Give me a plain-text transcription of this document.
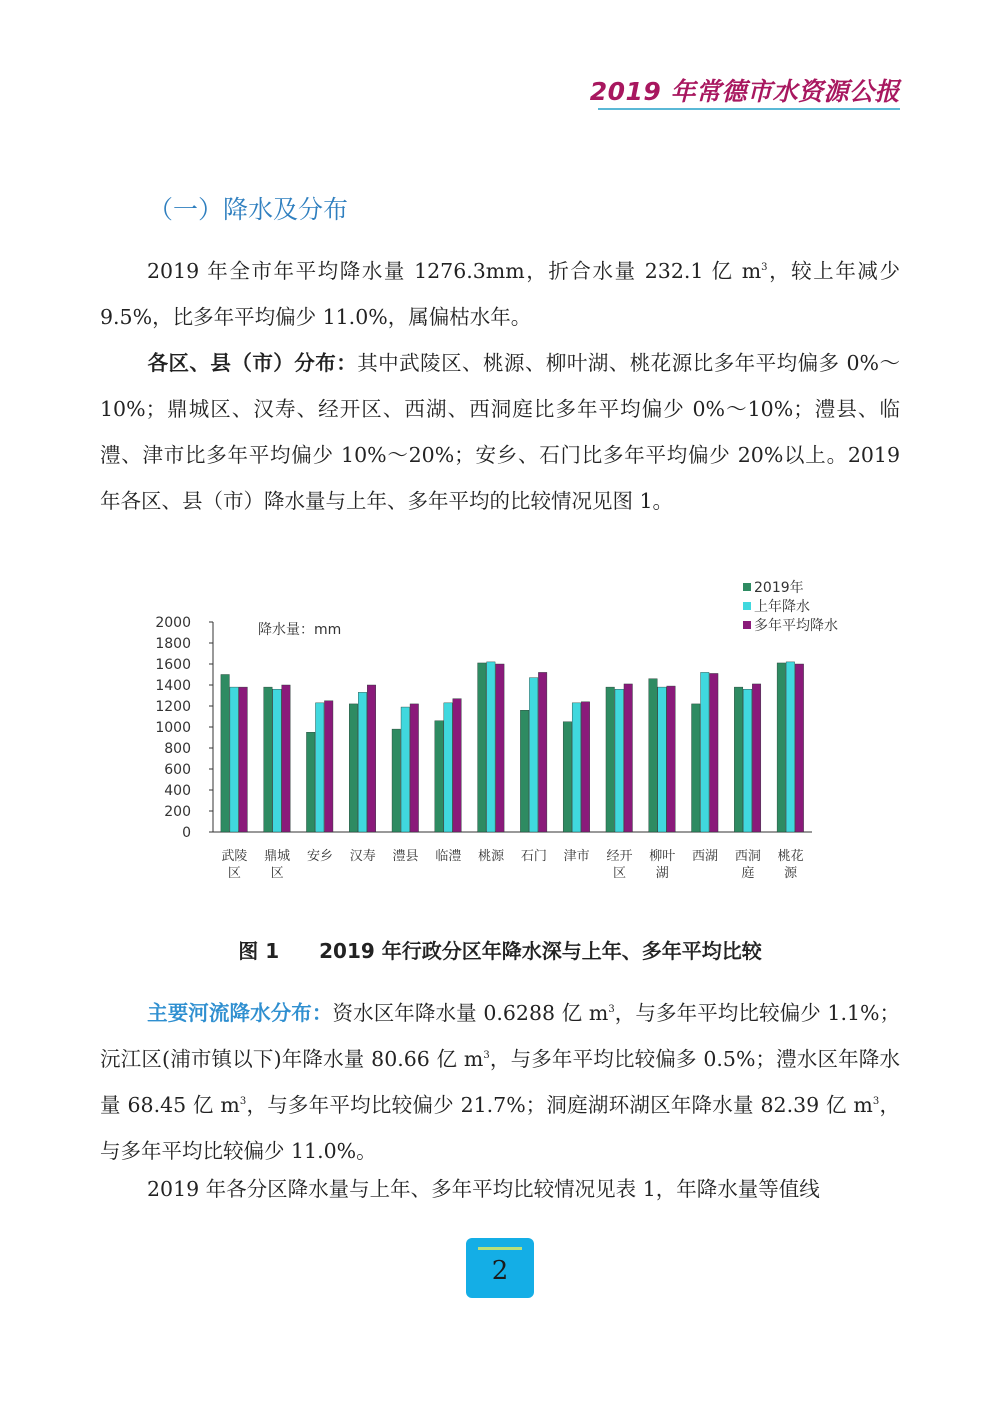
2019 年常德市水资源公报
（一）降水及分布

2019 年全市年平均降水量 1276.3mm，折合水量 232.1 亿 $m^3$，较上年减少 9.5%，比多年平均偏少 11.0%，属偏枯水年。

各区、县（市）分布：其中武陵区、桃源、柳叶湖、桃花源比多年平均偏多 0%～10%；鼎城区、汉寿、经开区、西湖、西洞庭比多年平均偏少 0%～10%；澧县、临澧、津市比多年平均偏少 10%～20%；安乡、石门比多年平均偏少 20%以上。2019 年各区、县（市）降水量与上年、多年平均的比较情况见图 1。

0
200
400
600
800
1000
1200
1400
1600
1800
2000	降水量：mm
武陵
区
鼎城
区
安乡 汉寿 澧县 临澧 桃源 石门 津市 经开
区
柳叶
湖
西湖 西洞
庭
桃花
源
2019年
上年降水
多年平均降水
图 1 2019 年行政分区年降水深与上年、多年平均比较

主要河流降水分布：资水区年降水量 0.6288 亿 $m^3$，与多年平均比较偏少 1.1%；沅江区(浦市镇以下)年降水量 80.66 亿 $m^3$，与多年平均比较偏多 0.5%；澧水区年降水量 68.45 亿 $m^3$，与多年平均比较偏少 21.7%；洞庭湖环湖区年降水量 82.39 亿 $m^3$，与多年平均比较偏少 11.0%。

2019 年各分区降水量与上年、多年平均比较情况见表 1，年降水量等值线

2
